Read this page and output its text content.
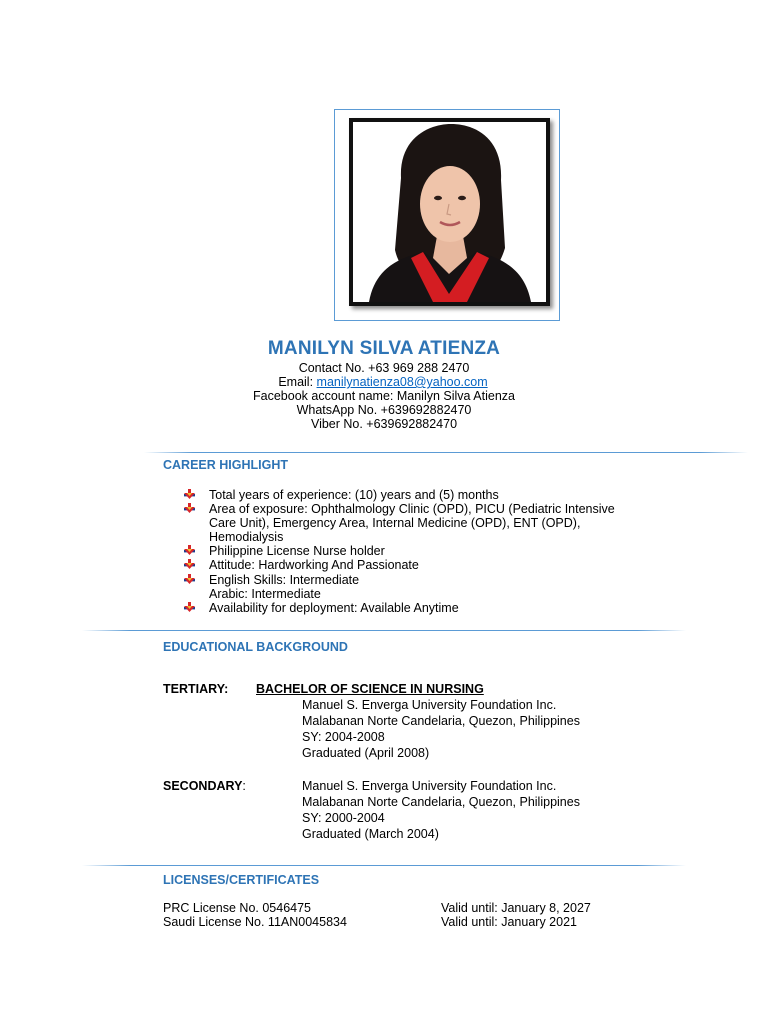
MANILYN SILVA ATIENZA
Contact No. +63 969 288 2470
Email: manilynatienza08@yahoo.com
Facebook account name: Manilyn Silva Atienza
WhatsApp No. +639692882470
Viber No. +639692882470
CAREER HIGHLIGHT
Total years of experience: (10) years and (5) months
Area of exposure: Ophthalmology Clinic (OPD), PICU (Pediatric Intensive Care Unit), Emergency Area, Internal Medicine (OPD), ENT (OPD), Hemodialysis
Philippine License Nurse holder
Attitude: Hardworking And Passionate
English Skills: Intermediate
Arabic: Intermediate
Availability for deployment: Available Anytime
EDUCATIONAL BACKGROUND
TERTIARY: BACHELOR OF SCIENCE IN NURSING
Manuel S. Enverga University Foundation Inc.
Malabanan Norte Candelaria, Quezon, Philippines
SY: 2004-2008
Graduated (April 2008)
SECONDARY:	Manuel S. Enverga University Foundation Inc.
Malabanan Norte Candelaria, Quezon, Philippines
SY: 2000-2004
Graduated (March 2004)
LICENSES/CERTIFICATES
PRC License No. 0546475	Valid until: January 8, 2027
Saudi License No. 11AN0045834	Valid until: January 2021
